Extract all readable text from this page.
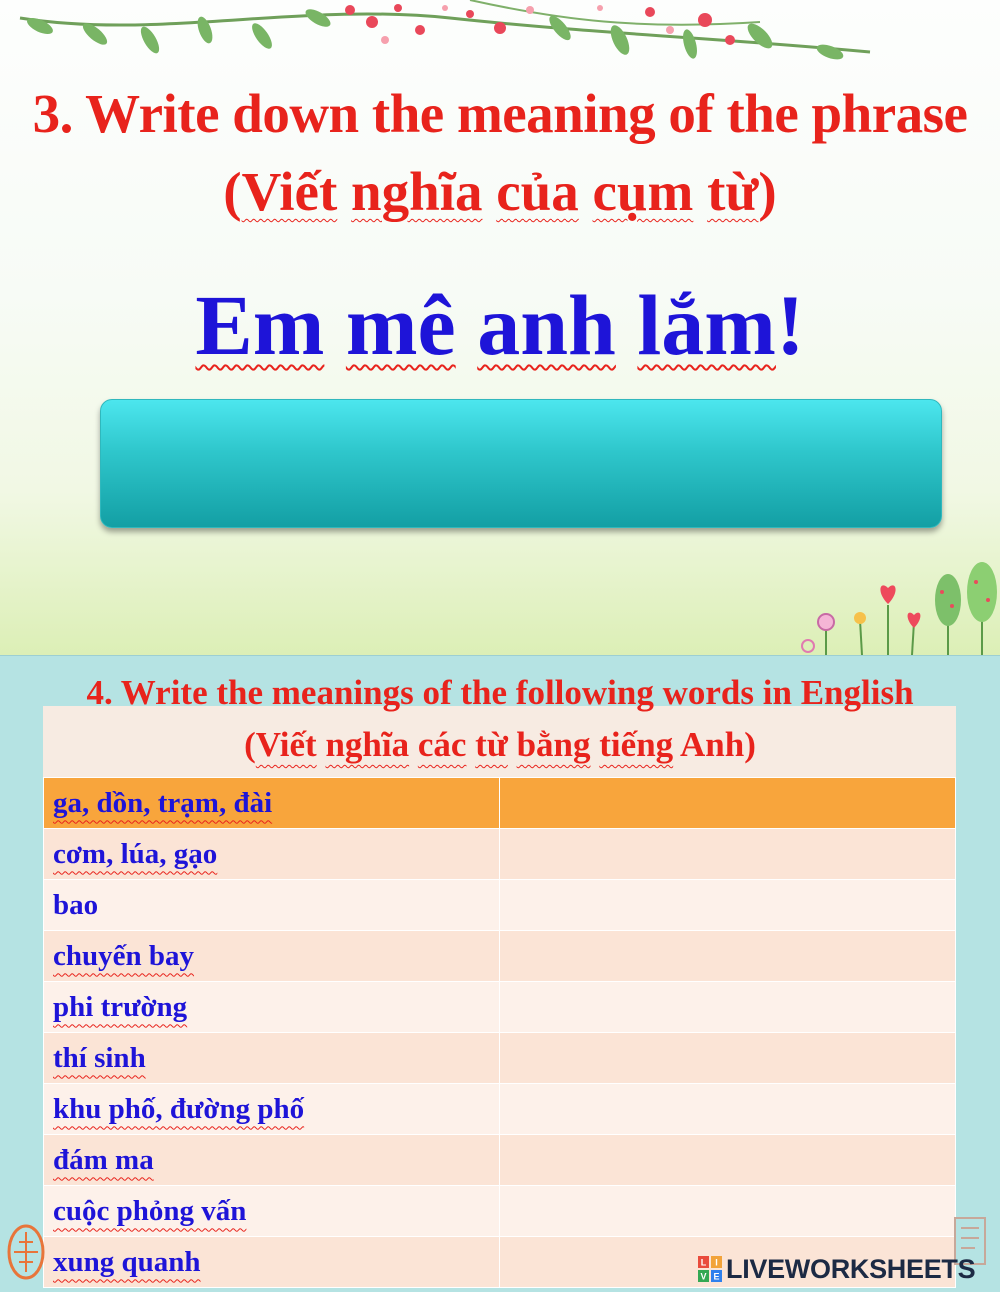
3. Write down the meaning of the phrase
(Viết nghĩa của cụm từ)
Em mê anh lắm!
4. Write the meanings of the following words in English
(Viết nghĩa các từ bằng tiếng Anh)
ga, dồn, trạm, đài	
cơm, lúa, gạo	
bao	
chuyến bay	
phi trường	
thí sinh	
khu phố, đường phố	
đám ma	
cuộc phỏng vấn	
xung quanh		L I
V E LIVEWORKSHEETS
